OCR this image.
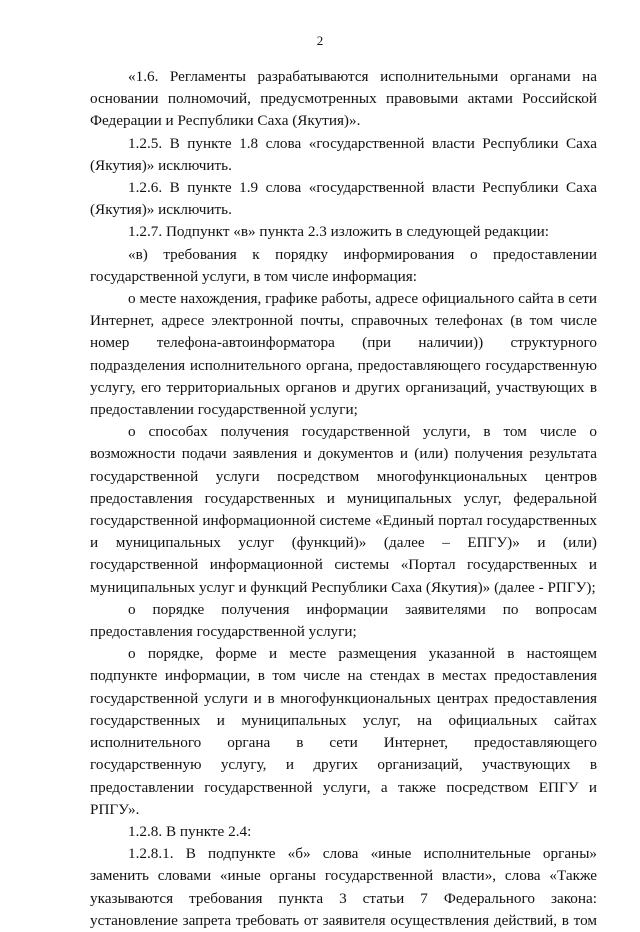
2

«1.6. Регламенты разрабатываются исполнительными органами на основании полномочий, предусмотренных правовыми актами Российской Федерации и Республики Саха (Якутия)».

1.2.5. В пункте 1.8 слова «государственной власти Республики Саха (Якутия)» исключить.

1.2.6. В пункте 1.9 слова «государственной власти Республики Саха (Якутия)» исключить.

1.2.7. Подпункт «в» пункта 2.3 изложить в следующей редакции:

«в) требования к порядку информирования о предоставлении государственной услуги, в том числе информация:

о месте нахождения, графике работы, адресе официального сайта в сети Интернет, адресе электронной почты, справочных телефонах (в том числе номер телефона-автоинформатора (при наличии)) структурного подразделения исполнительного органа, предоставляющего государственную услугу, его территориальных органов и других организаций, участвующих в предоставлении государственной услуги;

о способах получения государственной услуги, в том числе о возможности подачи заявления и документов и (или) получения результата государственной услуги посредством многофункциональных центров предоставления государственных и муниципальных услуг, федеральной государственной информационной системе «Единый портал государственных и муниципальных услуг (функций)» (далее – ЕПГУ)» и (или) государственной информационной системы «Портал государственных и муниципальных услуг и функций Республики Саха (Якутия)» (далее - РПГУ);

о порядке получения информации заявителями по вопросам предоставления государственной услуги;

о порядке, форме и месте размещения указанной в настоящем подпункте информации, в том числе на стендах в местах предоставления государственной услуги и в многофункциональных центрах предоставления государственных и муниципальных услуг, на официальных сайтах исполнительного органа в сети Интернет, предоставляющего государственную услугу, и других организаций, участвующих в предоставлении государственной услуги, а также посредством ЕПГУ и РПГУ».

1.2.8. В пункте 2.4:

1.2.8.1. В подпункте «б» слова «иные исполнительные органы» заменить словами «иные органы государственной власти», слова «Также указываются требования пункта 3 статьи 7 Федерального закона: установление запрета требовать от заявителя осуществления действий, в том
